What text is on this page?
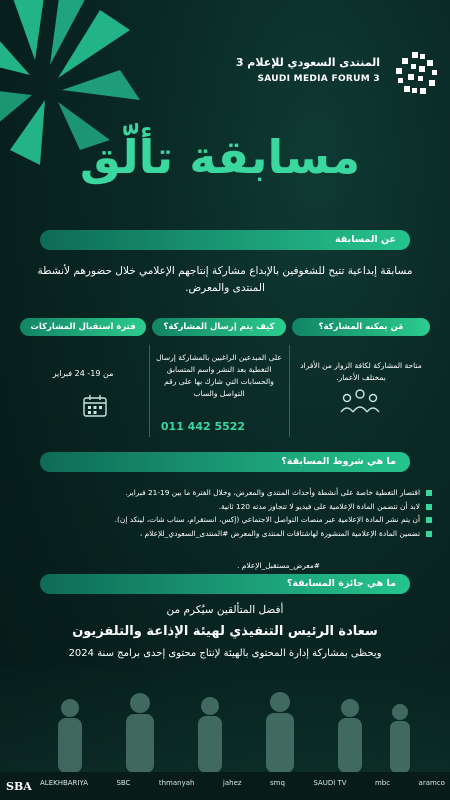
المنتدى السعودي للإعلام 3
SAUDI MEDIA FORUM 3
مسابقة تألّق
عن المسابقة
مسابقة إبداعية تتيح للشغوفين بالإبداع مشاركة إنتاجهم الإعلامي خلال حضورهم لأنشطة المنتدى والمعرض.
مَن يمكنه المشاركة؟
كيف يتم إرسال المشاركة؟
فترة استقبال المشاركات
متاحة المشاركة لكافة الزوار من الأفراد بمختلف الأعمار.
على المبدعين الراغبين بالمشاركة إرسال التغطية بعد النشر واسم المتسابق والحسابات التي شارك بها على رقم التواصل والساب
011 442 5522
من 19- 24 فبراير
ما هي شروط المسابقة؟
اقتصار التغطية خاصة على أنشطة وأحداث المنتدى والمعرض، وخلال الفترة ما بين 19-21 فبراير.
لابد أن تتضمن المادة الإعلامية على فيديو لا تتجاوز مدته 120 ثانية.
أن يتم نشر المادة الإعلامية عبر منصات التواصل الاجتماعي (إكس، انستقرام، سناب شات، لينكد إن).
تضمين المادة الإعلامية المنشورة لهاشتاقات المنتدى والمعرض #المنتدى_السعودي_للإعلام ،
#معرض_مستقبل_الإعلام .
ما هي جائزة المسابقة؟
أفضل المتألقين سيُكرم من
سعادة الرئيس التنفيذي لهيئة الإذاعة والتلفزيون
ويحظى بمشاركة إدارة المحتوى بالهيئة لإنتاج محتوى إحدى برامج سنة 2024
SBA ALEKHBARIYA	SBC	thmanyah	jahez	smq	SAUDI TV	mbc	aramco
